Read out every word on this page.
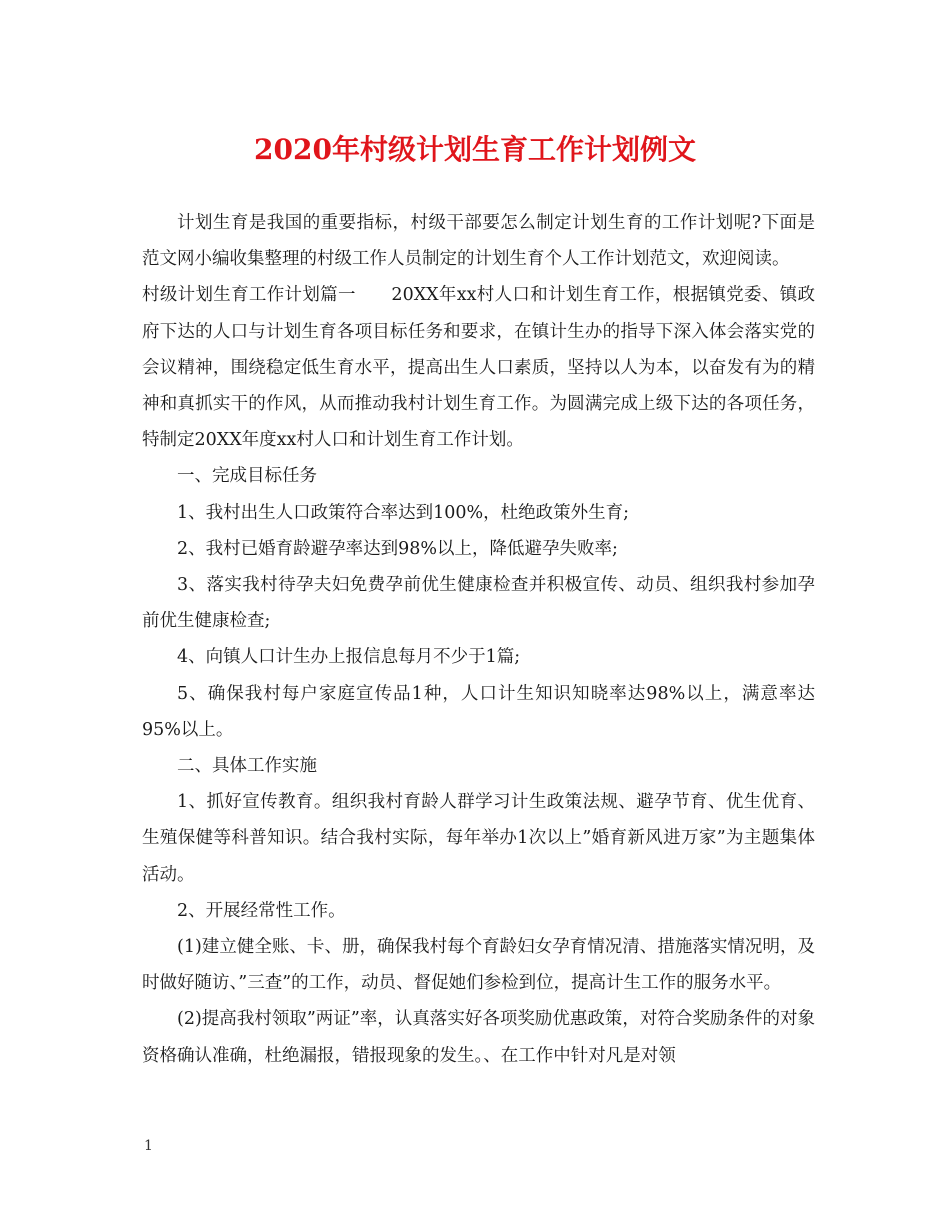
2020年村级计划生育工作计划例文

计划生育是我国的重要指标，村级干部要怎么制定计划生育的工作计划呢?下面是范文网小编收集整理的村级工作人员制定的计划生育个人工作计划范文，欢迎阅读。

村级计划生育工作计划篇一　　20XX年xx村人口和计划生育工作，根据镇党委、镇政府下达的人口与计划生育各项目标任务和要求，在镇计生办的指导下深入体会落实党的会议精神，围绕稳定低生育水平，提高出生人口素质，坚持以人为本，以奋发有为的精神和真抓实干的作风，从而推动我村计划生育工作。为圆满完成上级下达的各项任务，特制定20XX年度xx村人口和计划生育工作计划。

一、完成目标任务

1、我村出生人口政策符合率达到100%，杜绝政策外生育;

2、我村已婚育龄避孕率达到98%以上，降低避孕失败率;

3、落实我村待孕夫妇免费孕前优生健康检查并积极宣传、动员、组织我村参加孕前优生健康检查;

4、向镇人口计生办上报信息每月不少于1篇;

5、确保我村每户家庭宣传品1种，人口计生知识知晓率达98%以上，满意率达95%以上。

二、具体工作实施

1、抓好宣传教育。组织我村育龄人群学习计生政策法规、避孕节育、优生优育、生殖保健等科普知识。结合我村实际，每年举办1次以上”婚育新风进万家”为主题集体活动。

2、开展经常性工作。

(1)建立健全账、卡、册，确保我村每个育龄妇女孕育情况清、措施落实情况明，及时做好随访、”三查”的工作，动员、督促她们参检到位，提高计生工作的服务水平。

(2)提高我村领取”两证”率，认真落实好各项奖励优惠政策，对符合奖励条件的对象资格确认准确，杜绝漏报，错报现象的发生。、在工作中针对凡是对领

1
